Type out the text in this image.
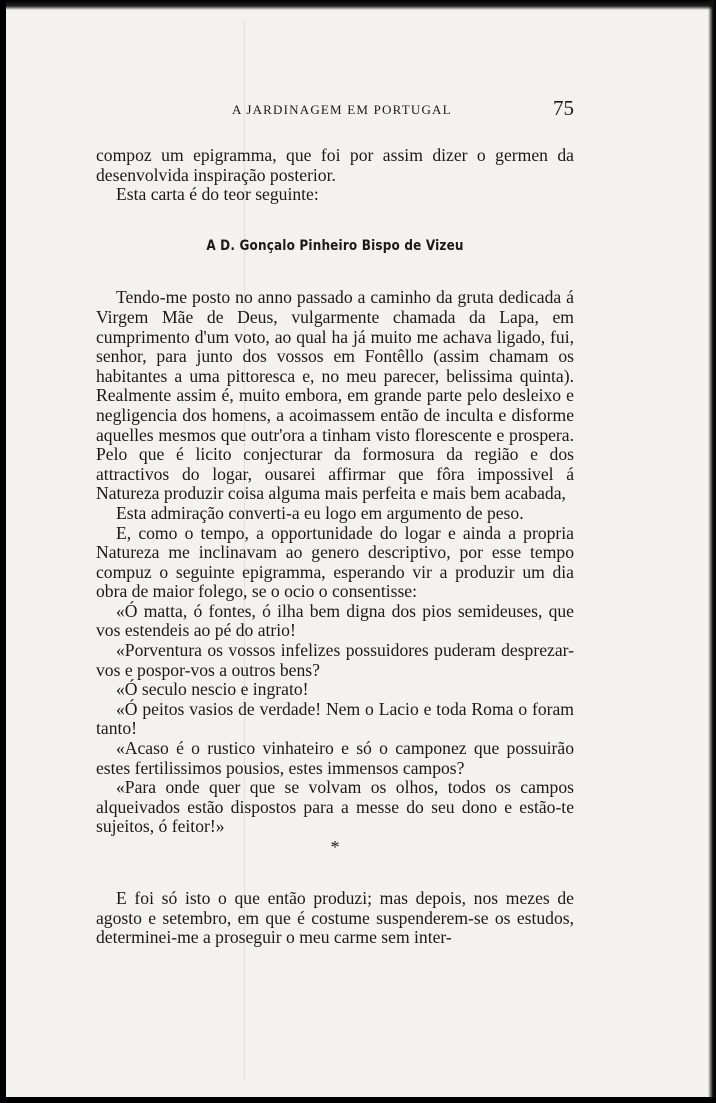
A JARDINAGEM EM PORTUGAL	75

compoz um epigramma, que foi por assim dizer o germen da desenvolvida inspiração posterior.

Esta carta é do teor seguinte:

A D. Gonçalo Pinheiro Bispo de Vizeu

Tendo-me posto no anno passado a caminho da gruta dedicada á Virgem Mãe de Deus, vulgarmente chamada da Lapa, em cumprimento d'um voto, ao qual ha já muito me achava ligado, fui, senhor, para junto dos vossos em Fontêllo (assim chamam os habitantes a uma pittoresca e, no meu parecer, belissima quinta). Realmente assim é, muito embora, em grande parte pelo desleixo e negligencia dos homens, a acoimassem então de inculta e disforme aquelles mesmos que outr'ora a tinham visto florescente e prospera. Pelo que é licito conjecturar da formosura da região e dos attractivos do logar, ousarei affirmar que fôra impossivel á Natureza produzir coisa alguma mais perfeita e mais bem acabada,

Esta admiração converti-a eu logo em argumento de peso.

E, como o tempo, a opportunidade do logar e ainda a propria Natureza me inclinavam ao genero descriptivo, por esse tempo compuz o seguinte epigramma, esperando vir a produzir um dia obra de maior folego, se o ocio o consentisse:

«Ó matta, ó fontes, ó ilha bem digna dos pios semideuses, que vos estendeis ao pé do atrio!

«Porventura os vossos infelizes possuidores puderam desprezar-vos e pospor-vos a outros bens?

«Ó seculo nescio e ingrato!

«Ó peitos vasios de verdade! Nem o Lacio e toda Roma o foram tanto!

«Acaso é o rustico vinhateiro e só o camponez que possuirão estes fertilissimos pousios, estes immensos campos?

«Para onde quer que se volvam os olhos, todos os campos alqueivados estão dispostos para a messe do seu dono e estão-te sujeitos, ó feitor!»

*

E foi só isto o que então produzi; mas depois, nos mezes de agosto e setembro, em que é costume suspenderem-se os estudos, determinei-me a proseguir o meu carme sem inter-
